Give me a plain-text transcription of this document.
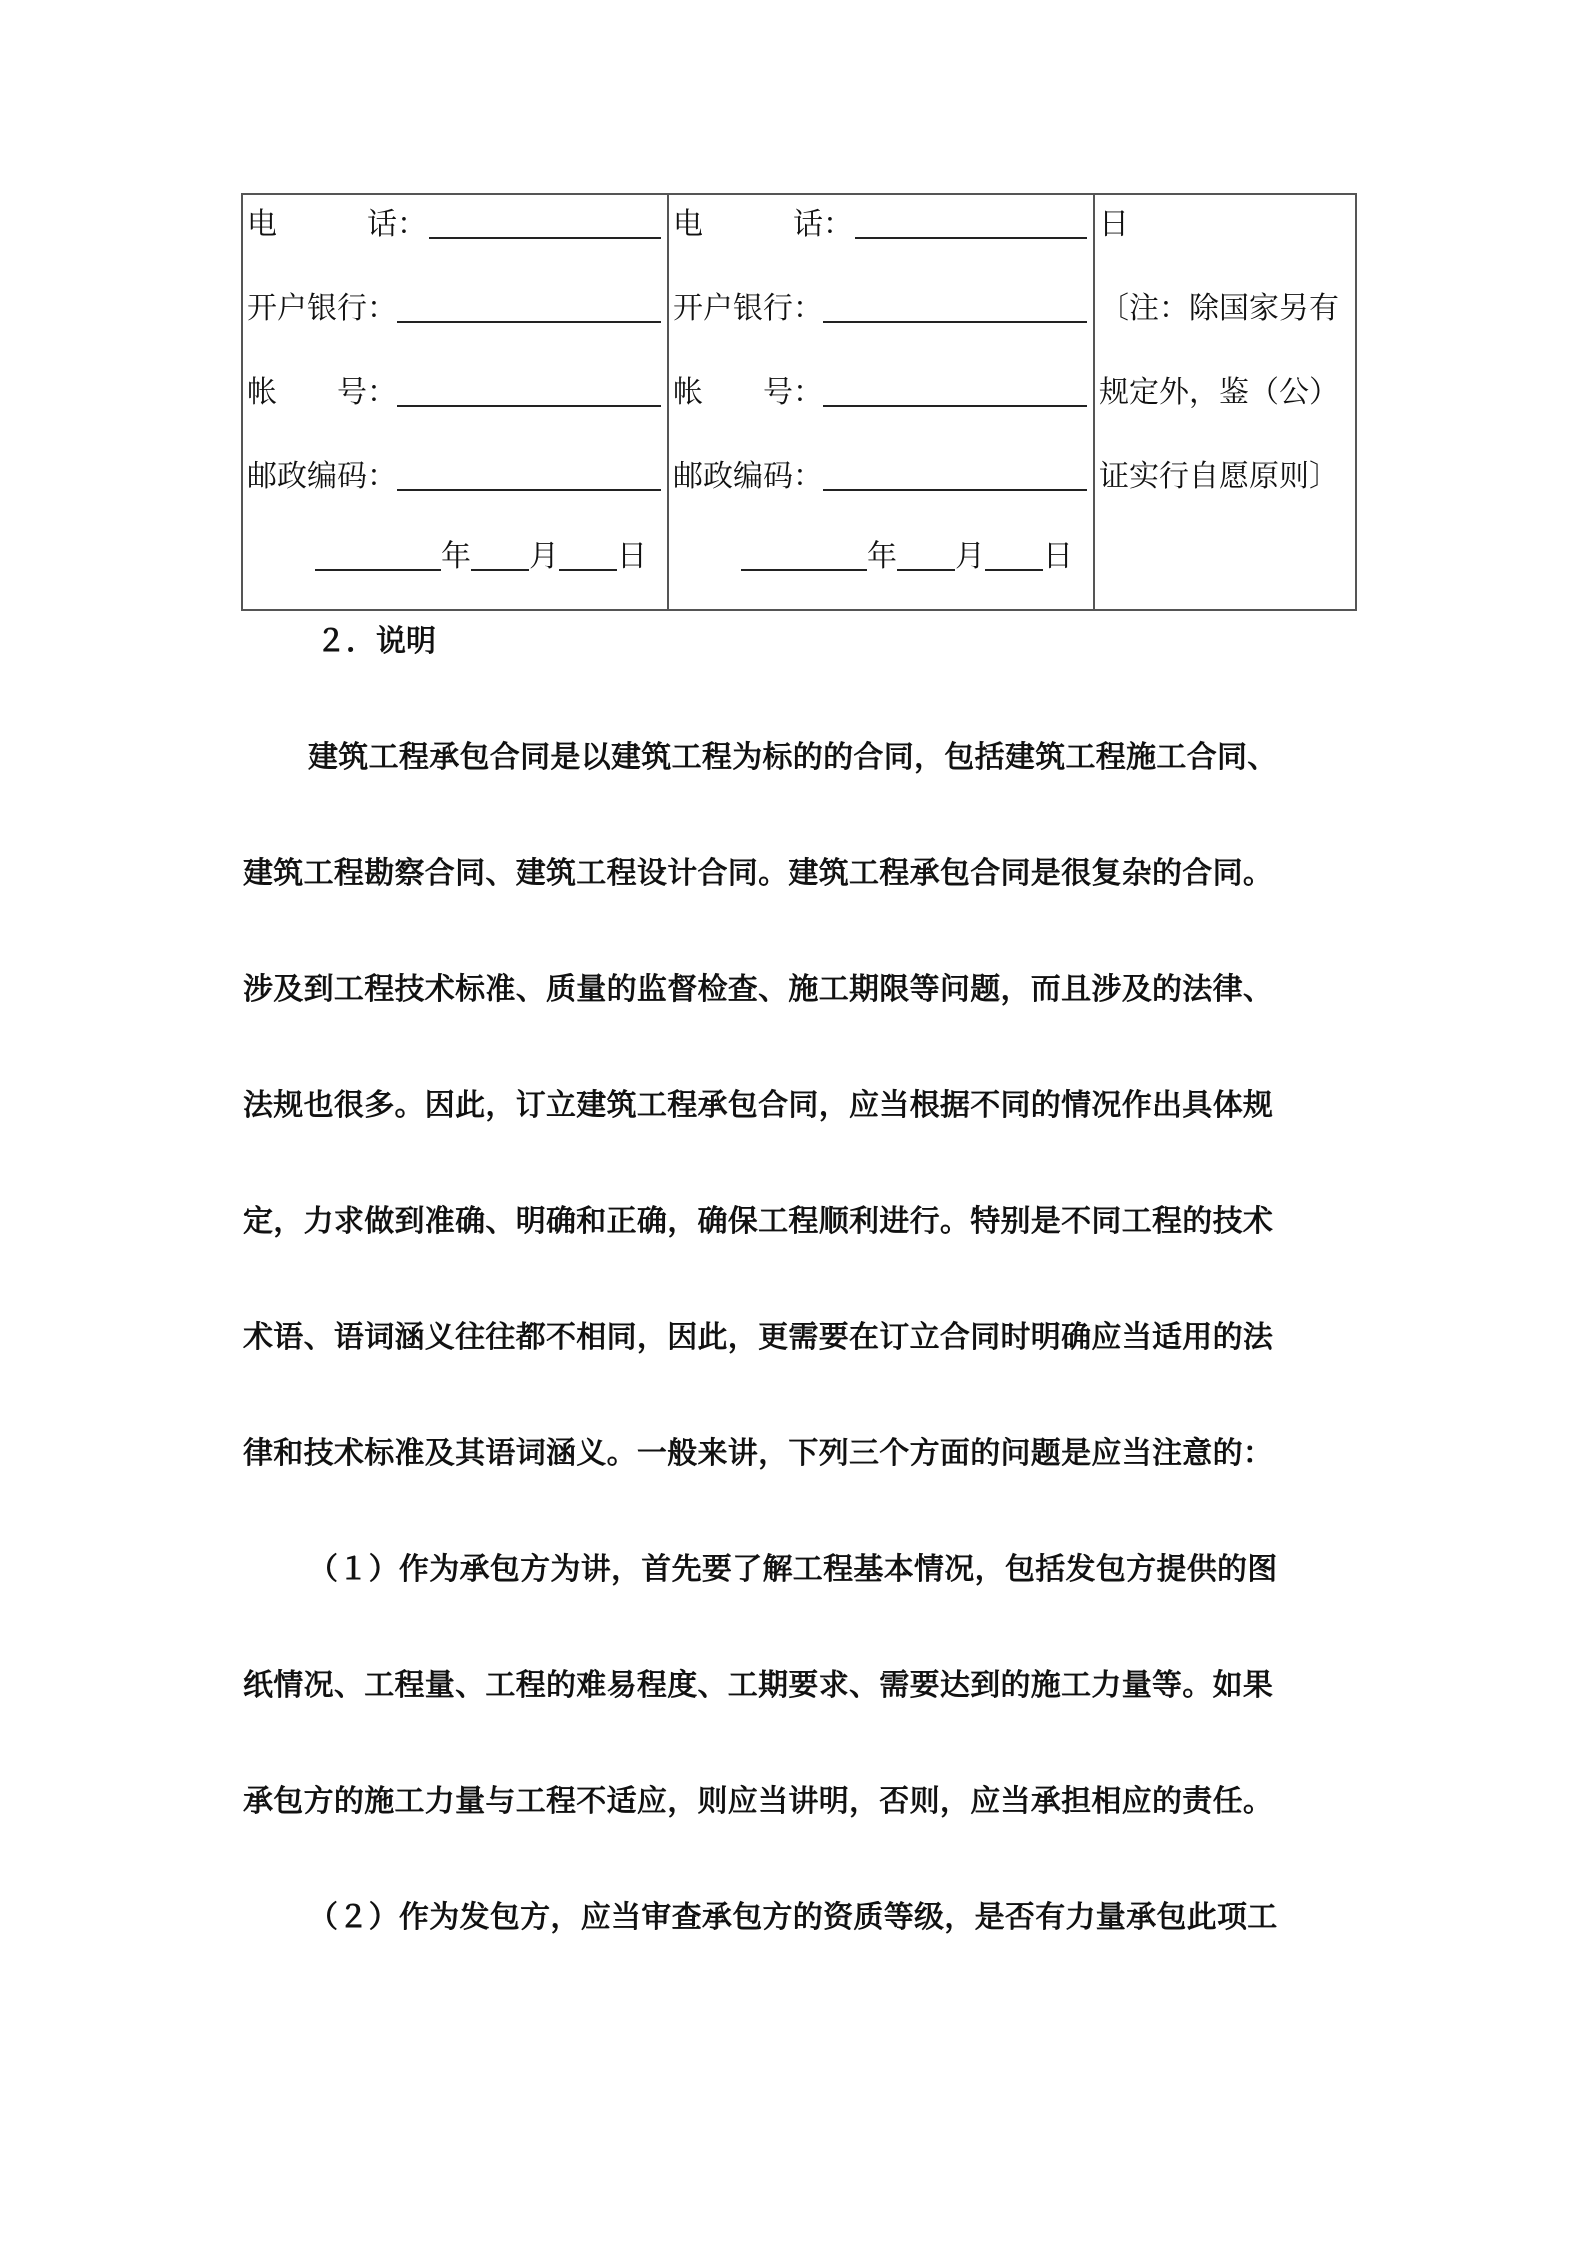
电　　　话：
开户银行：
帐　　号：
邮政编码：
年 月 日
电　　　话：
开户银行：
帐　　号：
邮政编码：
年 月 日
日
〔注：除国家另有
规定外，鉴（公）
证实行自愿原则〕
２．说明
建筑工程承包合同是以建筑工程为标的的合同，包括建筑工程施工合同、
建筑工程勘察合同、建筑工程设计合同。建筑工程承包合同是很复杂的合同。
涉及到工程技术标准、质量的监督检查、施工期限等问题，而且涉及的法律、
法规也很多。因此，订立建筑工程承包合同，应当根据不同的情况作出具体规
定，力求做到准确、明确和正确，确保工程顺利进行。特别是不同工程的技术
术语、语词涵义往往都不相同，因此，更需要在订立合同时明确应当适用的法
律和技术标准及其语词涵义。一般来讲，下列三个方面的问题是应当注意的：
（１）作为承包方为讲，首先要了解工程基本情况，包括发包方提供的图
纸情况、工程量、工程的难易程度、工期要求、需要达到的施工力量等。如果
承包方的施工力量与工程不适应，则应当讲明，否则，应当承担相应的责任。
（２）作为发包方，应当审查承包方的资质等级，是否有力量承包此项工
